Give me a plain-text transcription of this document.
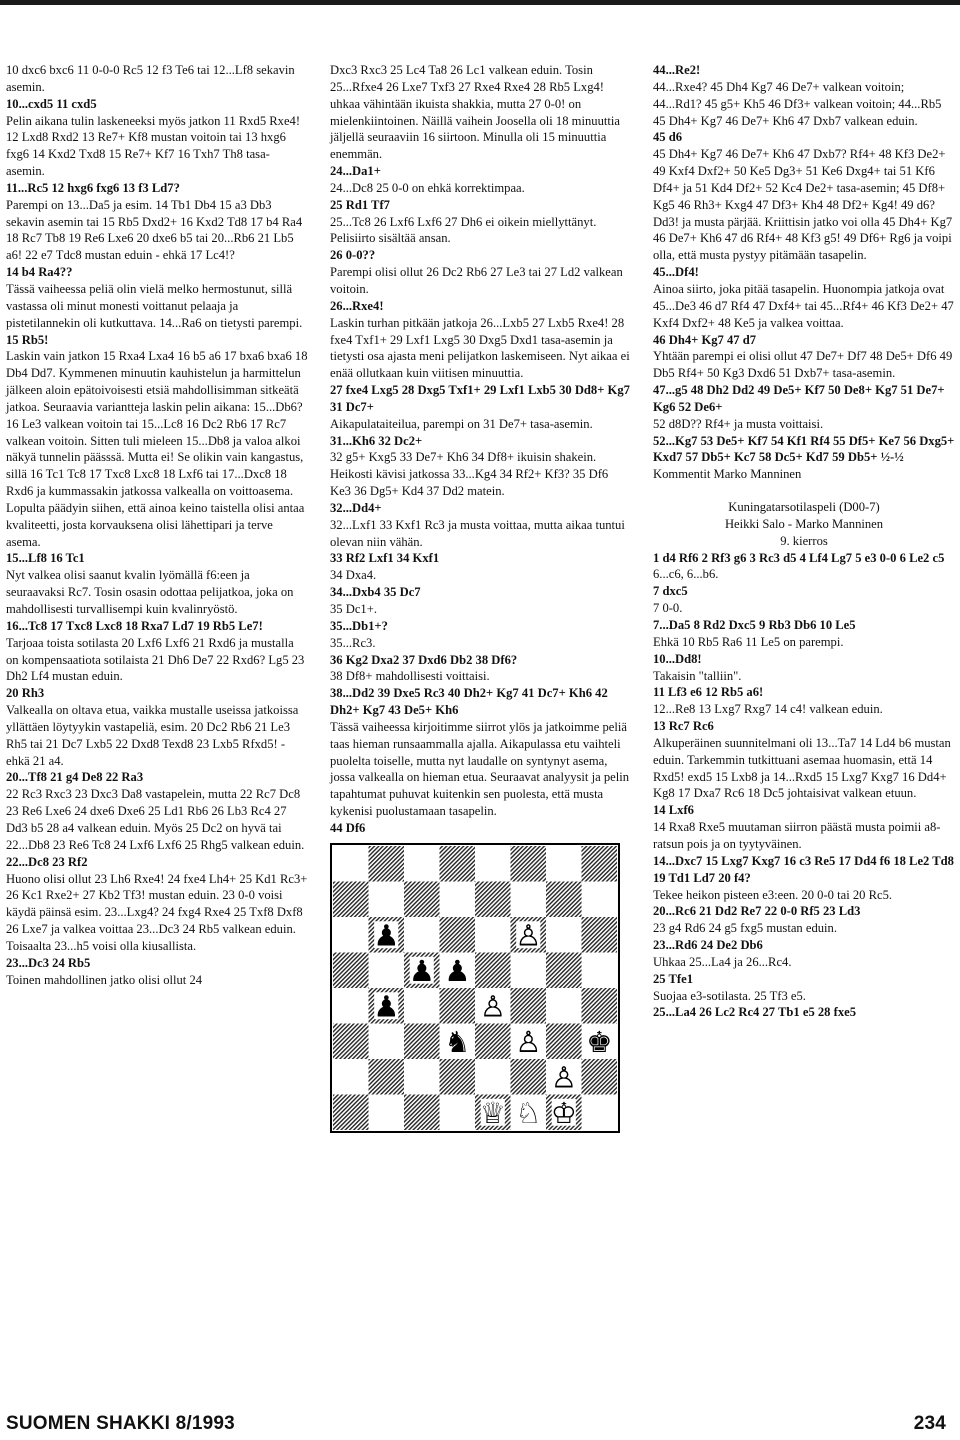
10 dxc6 bxc6 11 0-0-0 Rc5 12 f3 Te6 tai 12...Lf8 sekavin asemin.

10...cxd5 11 cxd5

Pelin aikana tulin laskeneeksi myös jatkon 11 Rxd5 Rxe4! 12 Lxd8 Rxd2 13 Re7+ Kf8 mustan voitoin tai 13 hxg6 fxg6 14 Kxd2 Txd8 15 Re7+ Kf7 16 Txh7 Th8 tasa-asemin.

11...Rc5 12 hxg6 fxg6 13 f3 Ld7?

Parempi on 13...Da5 ja esim. 14 Tb1 Db4 15 a3 Db3 sekavin asemin tai 15 Rb5 Dxd2+ 16 Kxd2 Td8 17 b4 Ra4 18 Rc7 Tb8 19 Re6 Lxe6 20 dxe6 b5 tai 20...Rb6 21 Lb5 a6! 22 e7 Tdc8 mustan eduin - ehkä 17 Lc4!?

14 b4 Ra4??

Tässä vaiheessa peliä olin vielä melko hermostunut, sillä vastassa oli minut monesti voittanut pelaaja ja pistetilannekin oli kutkuttava. 14...Ra6 on tietysti parempi.

15 Rb5!

Laskin vain jatkon 15 Rxa4 Lxa4 16 b5 a6 17 bxa6 bxa6 18 Db4 Dd7. Kymmenen minuutin kauhistelun ja harmittelun jälkeen aloin epätoivoisesti etsiä mahdollisimman sitkeätä jatkoa. Seuraavia variantteja laskin pelin aikana: 15...Db6? 16 Le3 valkean voitoin tai 15...Lc8 16 Dc2 Rb6 17 Rc7 valkean voitoin. Sitten tuli mieleen 15...Db8 ja valoa alkoi näkyä tunnelin päässsä. Mutta ei! Se olikin vain kangastus, sillä 16 Tc1 Tc8 17 Txc8 Lxc8 18 Lxf6 tai 17...Dxc8 18 Rxd6 ja kummassakin jatkossa valkealla on voittoasema. Lopulta päädyin siihen, että ainoa keino taistella olisi antaa kvaliteetti, josta korvauksena olisi lähettipari ja terve asema.

15...Lf8 16 Tc1

Nyt valkea olisi saanut kvalin lyömällä f6:een ja seuraavaksi Rc7. Tosin osasin odottaa pelijatkoa, joka on mahdollisesti turvallisempi kuin kvalinryöstö.

16...Tc8 17 Txc8 Lxc8 18 Rxa7 Ld7 19 Rb5 Le7!

Tarjoaa toista sotilasta 20 Lxf6 Lxf6 21 Rxd6 ja mustalla on kompensaatiota sotilaista 21 Dh6 De7 22 Rxd6? Lg5 23 Dh2 Lf4 mustan eduin.

20 Rh3

Valkealla on oltava etua, vaikka mustalle useissa jatkoissa yllättäen löytyykin vastapeliä, esim. 20 Dc2 Rb6 21 Le3 Rh5 tai 21 Dc7 Lxb5 22 Dxd8 Texd8 23 Lxb5 Rfxd5! - ehkä 21 a4.

20...Tf8 21 g4 De8 22 Ra3

22 Rc3 Rxc3 23 Dxc3 Da8 vastapelein, mutta 22 Rc7 Dc8 23 Re6 Lxe6 24 dxe6 Dxe6 25 Ld1 Rb6 26 Lb3 Rc4 27 Dd3 b5 28 a4 valkean eduin. Myös 25 Dc2 on hyvä tai 22...Db8 23 Re6 Tc8 24 Lxf6 Lxf6 25 Rhg5 valkean eduin.

22...Dc8 23 Rf2

Huono olisi ollut 23 Lh6 Rxe4! 24 fxe4 Lh4+ 25 Kd1 Rc3+ 26 Kc1 Rxe2+ 27 Kb2 Tf3! mustan eduin. 23 0-0 voisi käydä päinsä esim. 23...Lxg4? 24 fxg4 Rxe4 25 Txf8 Dxf8 26 Lxe7 ja valkea voittaa 23...Dc3 24 Rb5 valkean eduin. Toisaalta 23...h5 voisi olla kiusallista.

23...Dc3 24 Rb5

Toinen mahdollinen jatko olisi ollut 24

Dxc3 Rxc3 25 Lc4 Ta8 26 Lc1 valkean eduin. Tosin 25...Rfxe4 26 Lxe7 Txf3 27 Rxe4 Rxe4 28 Rb5 Lxg4! uhkaa vähintään ikuista shakkia, mutta 27 0-0! on mielenkiintoinen. Näillä vaihein Joosella oli 18 minuuttia jäljellä seuraaviin 16 siirtoon. Minulla oli 15 minuuttia enemmän.

24...Da1+

24...Dc8 25 0-0 on ehkä korrektimpaa.

25 Rd1 Tf7

25...Tc8 26 Lxf6 Lxf6 27 Dh6 ei oikein miellyttänyt. Pelisiirto sisältää ansan.

26 0-0??

Parempi olisi ollut 26 Dc2 Rb6 27 Le3 tai 27 Ld2 valkean voitoin.

26...Rxe4!

Laskin turhan pitkään jatkoja 26...Lxb5 27 Lxb5 Rxe4! 28 fxe4 Txf1+ 29 Lxf1 Lxg5 30 Dxg5 Dxd1 tasa-asemin ja tietysti osa ajasta meni pelijatkon laskemiseen. Nyt aikaa ei enää ollutkaan kuin viitisen minuuttia.

27 fxe4 Lxg5 28 Dxg5 Txf1+ 29 Lxf1 Lxb5 30 Dd8+ Kg7 31 Dc7+

Aikapulataiteilua, parempi on 31 De7+ tasa-asemin.

31...Kh6 32 Dc2+

32 g5+ Kxg5 33 De7+ Kh6 34 Df8+ ikuisin shakein. Heikosti kävisi jatkossa 33...Kg4 34 Rf2+ Kf3? 35 Df6 Ke3 36 Dg5+ Kd4 37 Dd2 matein.

32...Dd4+

32...Lxf1 33 Kxf1 Rc3 ja musta voittaa, mutta aikaa tuntui olevan niin vähän.

33 Rf2 Lxf1 34 Kxf1

34 Dxa4.

34...Dxb4 35 Dc7

35 Dc1+.

35...Db1+?

35...Rc3.

36 Kg2 Dxa2 37 Dxd6 Db2 38 Df6?

38 Df8+ mahdollisesti voittaisi.

38...Dd2 39 Dxe5 Rc3 40 Dh2+ Kg7 41 Dc7+ Kh6 42 Dh2+ Kg7 43 De5+ Kh6

Tässä vaiheessa kirjoitimme siirrot ylös ja jatkoimme peliä taas hieman runsaammalla ajalla. Aikapulassa etu vaihteli puolelta toiselle, mutta nyt laudalle on syntynyt asema, jossa valkealla on hieman etua. Seuraavat analyysit ja pelin tapahtumat puhuvat kuitenkin sen puolesta, että musta kykenisi puolustamaan tasapelin.

44 Df6

♟
♟ ♟
♙
♙
♚
♞ ♙
♙
♟
♔
♘
♕

44...Re2!

44...Rxe4? 45 Dh4 Kg7 46 De7+ valkean voitoin; 44...Rd1? 45 g5+ Kh5 46 Df3+ valkean voitoin; 44...Rb5 45 Dh4+ Kg7 46 De7+ Kh6 47 Dxb7 valkean eduin.

45 d6

45 Dh4+ Kg7 46 De7+ Kh6 47 Dxb7? Rf4+ 48 Kf3 De2+ 49 Kxf4 Dxf2+ 50 Ke5 Dg3+ 51 Ke6 Dxg4+ tai 51 Kf6 Df4+ ja 51 Kd4 Df2+ 52 Kc4 De2+ tasa-asemin; 45 Df8+ Kg5 46 Rh3+ Kxg4 47 Df3+ Kh4 48 Df2+ Kg4! 49 d6? Dd3! ja musta pärjää. Kriittisin jatko voi olla 45 Dh4+ Kg7 46 De7+ Kh6 47 d6 Rf4+ 48 Kf3 g5! 49 Df6+ Rg6 ja voipi olla, että musta pystyy pitämään tasapelin.

45...Df4!

Ainoa siirto, joka pitää tasapelin. Huonompia jatkoja ovat 45...De3 46 d7 Rf4 47 Dxf4+ tai 45...Rf4+ 46 Kf3 De2+ 47 Kxf4 Dxf2+ 48 Ke5 ja valkea voittaa.

46 Dh4+ Kg7 47 d7

Yhtään parempi ei olisi ollut 47 De7+ Df7 48 De5+ Df6 49 Db5 Rf4+ 50 Kg3 Dxd6 51 Dxb7+ tasa-asemin.

47...g5 48 Dh2 Dd2 49 De5+ Kf7 50 De8+ Kg7 51 De7+ Kg6 52 De6+

52 d8D?? Rf4+ ja musta voittaisi.

52...Kg7 53 De5+ Kf7 54 Kf1 Rf4 55 Df5+ Ke7 56 Dxg5+ Kxd7 57 Db5+ Kc7 58 Dc5+ Kd7 59 Db5+ ½-½

Kommentit Marko Manninen

Kuningatarsotilaspeli (D00-7)

Heikki Salo - Marko Manninen

9. kierros

1 d4 Rf6 2 Rf3 g6 3 Rc3 d5 4 Lf4 Lg7 5 e3 0-0 6 Le2 c5

6...c6, 6...b6.

7 dxc5

7 0-0.

7...Da5 8 Rd2 Dxc5 9 Rb3 Db6 10 Le5

Ehkä 10 Rb5 Ra6 11 Le5 on parempi.

10...Dd8!

Takaisin "talliin".

11 Lf3 e6 12 Rb5 a6!

12...Re8 13 Lxg7 Rxg7 14 c4! valkean eduin.

13 Rc7 Rc6

Alkuperäinen suunnitelmani oli 13...Ta7 14 Ld4 b6 mustan eduin. Tarkemmin tutkittuani asemaa huomasin, että 14 Rxd5! exd5 15 Lxb8 ja 14...Rxd5 15 Lxg7 Kxg7 16 Dd4+ Kg8 17 Dxa7 Rc6 18 Dc5 johtaisivat valkean etuun.

14 Lxf6

14 Rxa8 Rxe5 muutaman siirron päästä musta poimii a8-ratsun pois ja on tyytyväinen.

14...Dxc7 15 Lxg7 Kxg7 16 c3 Re5 17 Dd4 f6 18 Le2 Td8 19 Td1 Ld7 20 f4?

Tekee heikon pisteen e3:een. 20 0-0 tai 20 Rc5.

20...Rc6 21 Dd2 Re7 22 0-0 Rf5 23 Ld3

23 g4 Rd6 24 g5 fxg5 mustan eduin.

23...Rd6 24 De2 Db6

Uhkaa 25...La4 ja 26...Rc4.

25 Tfe1

Suojaa e3-sotilasta. 25 Tf3 e5.

25...La4 26 Lc2 Rc4 27 Tb1 e5 28 fxe5

SUOMEN SHAKKI 8/1993	234
